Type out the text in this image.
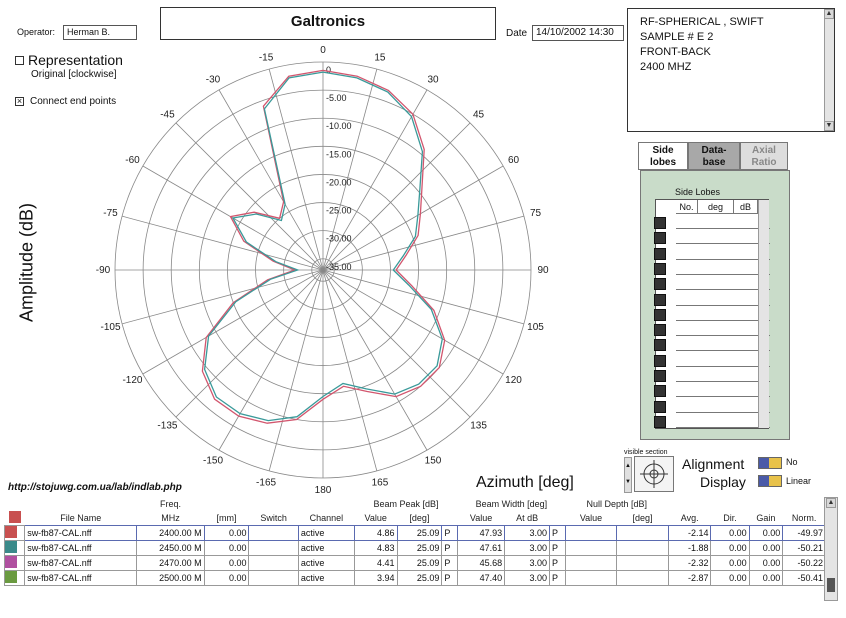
Operator:	Herman B.
Galtronics
Date 14/10/2002 14:30
RF-SPHERICAL , SWIFT
SAMPLE # E 2
FRONT-BACK
2400 MHZ
▲
▼
Representation
Original [clockwise]
× Connect end points
Amplitude (dB)
0
15
30
45
60
75
90
105
120
135
150
165
180
-165
-150
-135
-120
-105
-90
-75
-60
-45
-30
-15
0
-5.00
-10.00
-15.00
-20.00
-25.00
-30.00
-35.00
Azimuth [deg]
http://stojuwg.com.ua/lab/indlab.php
Side
lobes
Data-
base
Axial
Ratio
Side Lobes
No.	deg	dB
visible section
▲
▼
Alignment
Display
No
Linear
		Freq.				Beam Peak [dB]			Beam Width [deg]			Null Depth [dB]					
	File Name	MHz	[mm]	Switch	Channel	Value	[deg]		Value	At dB		Value	[deg]	Avg.	Dir.	Gain	Norm.
	sw-fb87-CAL.nff	2400.00 M	0.00		active	4.86	25.09	P	47.93	3.00	P			-2.14	0.00	0.00	-49.97
	sw-fb87-CAL.nff	2450.00 M	0.00		active	4.83	25.09	P	47.61	3.00	P			-1.88	0.00	0.00	-50.21
	sw-fb87-CAL.nff	2470.00 M	0.00		active	4.41	25.09	P	45.68	3.00	P			-2.32	0.00	0.00	-50.22
	sw-fb87-CAL.nff	2500.00 M	0.00		active	3.94	25.09	P	47.40	3.00	P			-2.87	0.00	0.00	-50.41
▲
